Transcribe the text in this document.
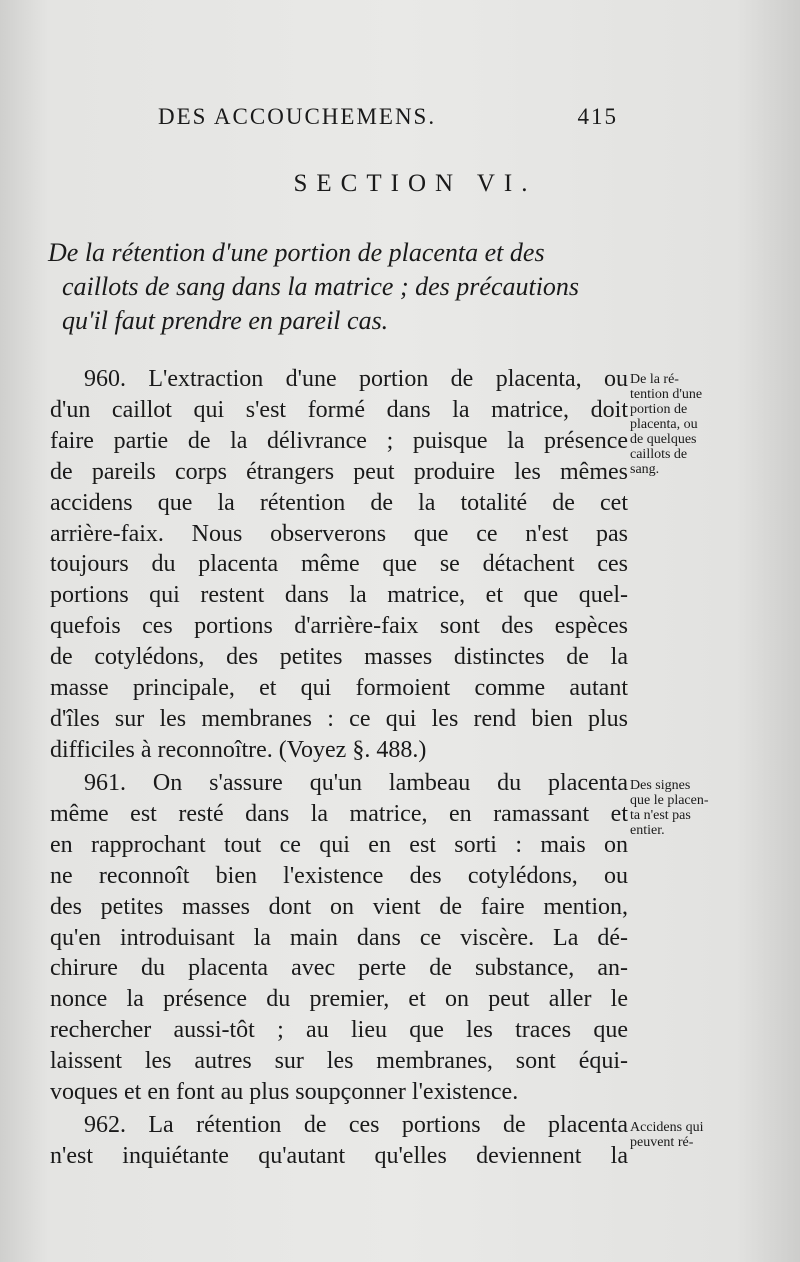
DES ACCOUCHEMENS.	415
SECTION VI.
De la rétention d'une portion de placenta et des
caillots de sang dans la matrice ; des précautions
qu'il faut prendre en pareil cas.
960. L'extraction d'une portion de placenta, ou
d'un caillot qui s'est formé dans la matrice, doit
faire partie de la délivrance ; puisque la présence
de pareils corps étrangers peut produire les mêmes
accidens que la rétention de la totalité de cet
arrière-faix. Nous observerons que ce n'est pas
toujours du placenta même que se détachent ces
portions qui restent dans la matrice, et que quel-
quefois ces portions d'arrière-faix sont des espèces
de cotylédons, des petites masses distinctes de la
masse principale, et qui formoient comme autant
d'îles sur les membranes : ce qui les rend bien plus
difficiles à reconnoître. (Voyez §. 488.)
De la ré-
tention d'une
portion de
placenta, ou
de quelques
caillots de
sang.
961. On s'assure qu'un lambeau du placenta
même est resté dans la matrice, en ramassant et
en rapprochant tout ce qui en est sorti : mais on
ne reconnoît bien l'existence des cotylédons, ou
des petites masses dont on vient de faire mention,
qu'en introduisant la main dans ce viscère. La dé-
chirure du placenta avec perte de substance, an-
nonce la présence du premier, et on peut aller le
rechercher aussi-tôt ; au lieu que les traces que
laissent les autres sur les membranes, sont équi-
voques et en font au plus soupçonner l'existence.
Des signes
que le placen-
ta n'est pas
entier.
962. La rétention de ces portions de placenta
n'est inquiétante qu'autant qu'elles deviennent la
Accidens qui
peuvent ré-
